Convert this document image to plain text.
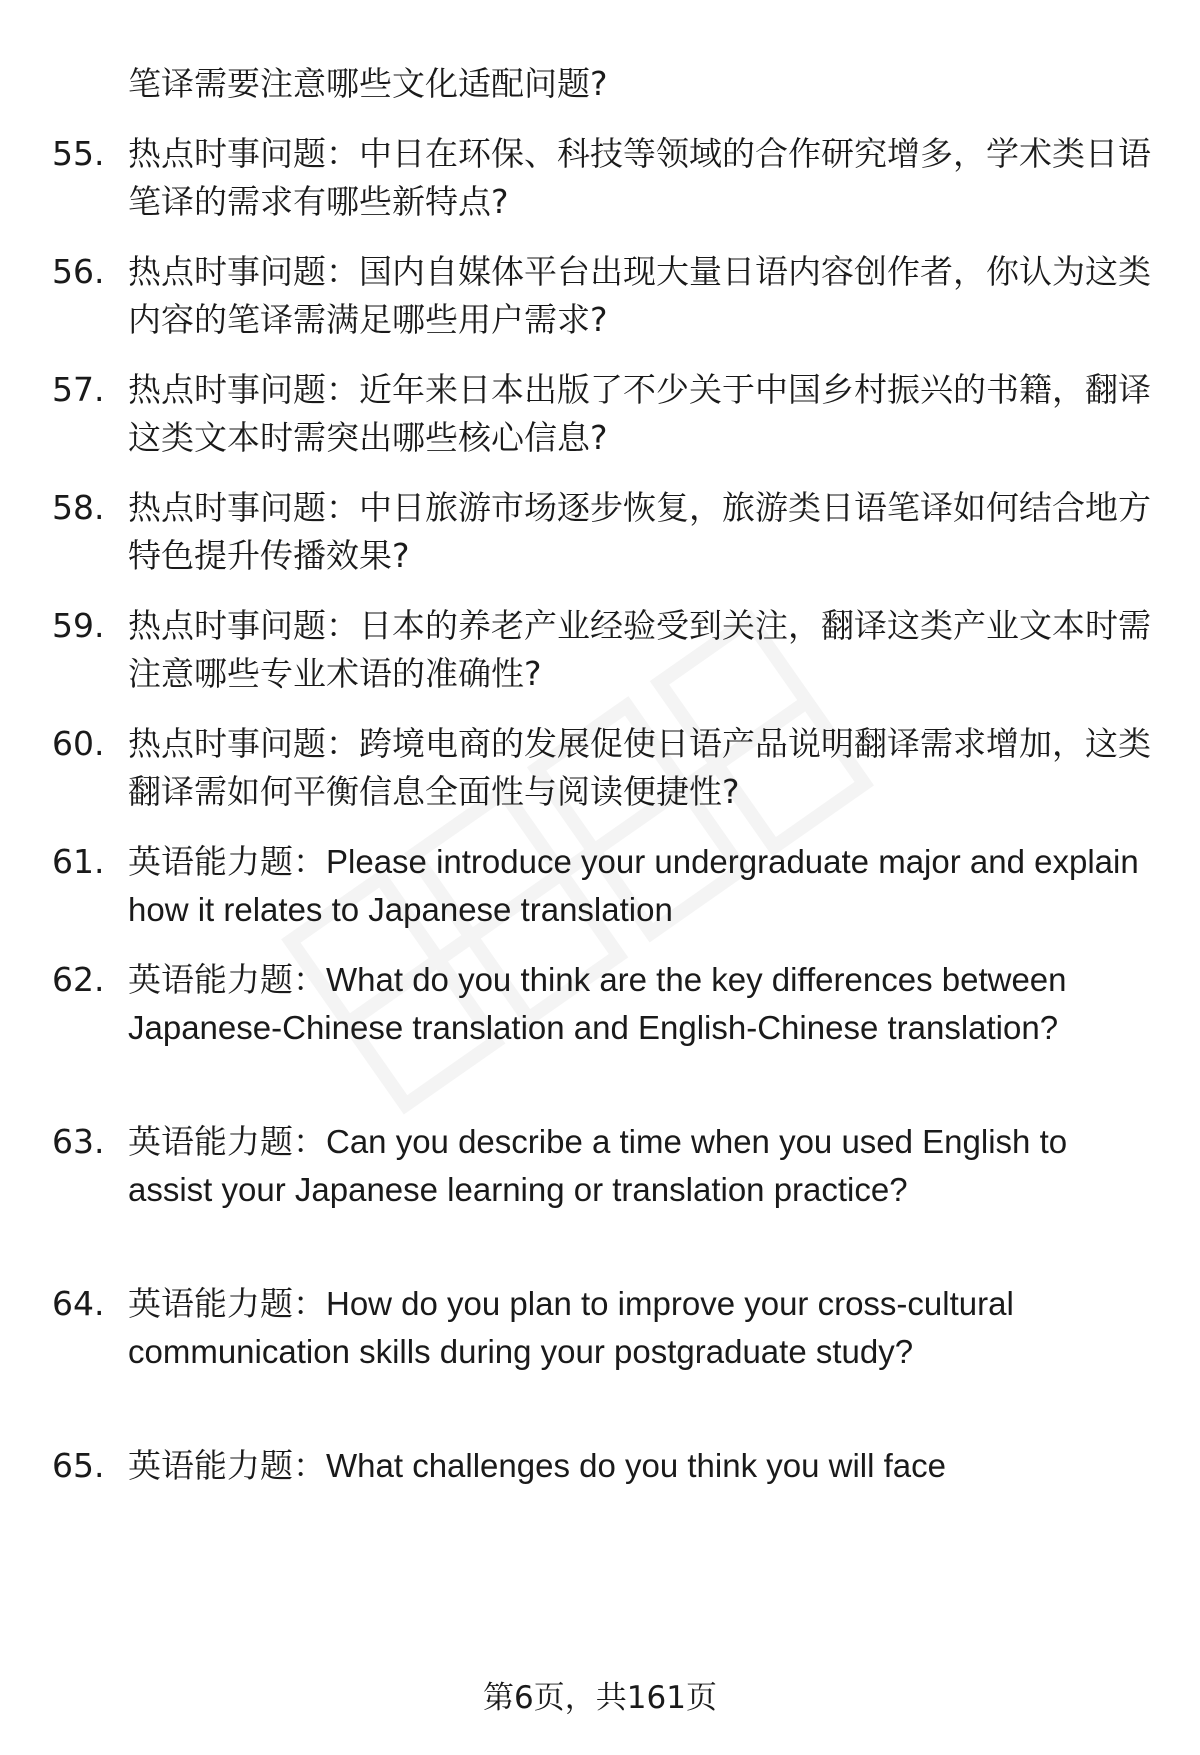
笔译需要注意哪些文化适配问题?
55. 热点时事问题：中日在环保、科技等领域的合作研究增多，学术类日语笔译的需求有哪些新特点?
56. 热点时事问题：国内自媒体平台出现大量日语内容创作者，你认为这类内容的笔译需满足哪些用户需求?
57. 热点时事问题：近年来日本出版了不少关于中国乡村振兴的书籍，翻译这类文本时需突出哪些核心信息?
58. 热点时事问题：中日旅游市场逐步恢复，旅游类日语笔译如何结合地方特色提升传播效果?
59. 热点时事问题：日本的养老产业经验受到关注，翻译这类产业文本时需注意哪些专业术语的准确性?
60. 热点时事问题：跨境电商的发展促使日语产品说明翻译需求增加，这类翻译需如何平衡信息全面性与阅读便捷性?
61. 英语能力题：Please introduce your undergraduate major and explain how it relates to Japanese translation
62. 英语能力题：What do you think are the key differences between Japanese-Chinese translation and English-Chinese translation?
63. 英语能力题：Can you describe a time when you used English to assist your Japanese learning or translation practice?
64. 英语能力题：How do you plan to improve your cross-cultural communication skills during your postgraduate study?
65. 英语能力题：What challenges do you think you will face
第6页，共161页
